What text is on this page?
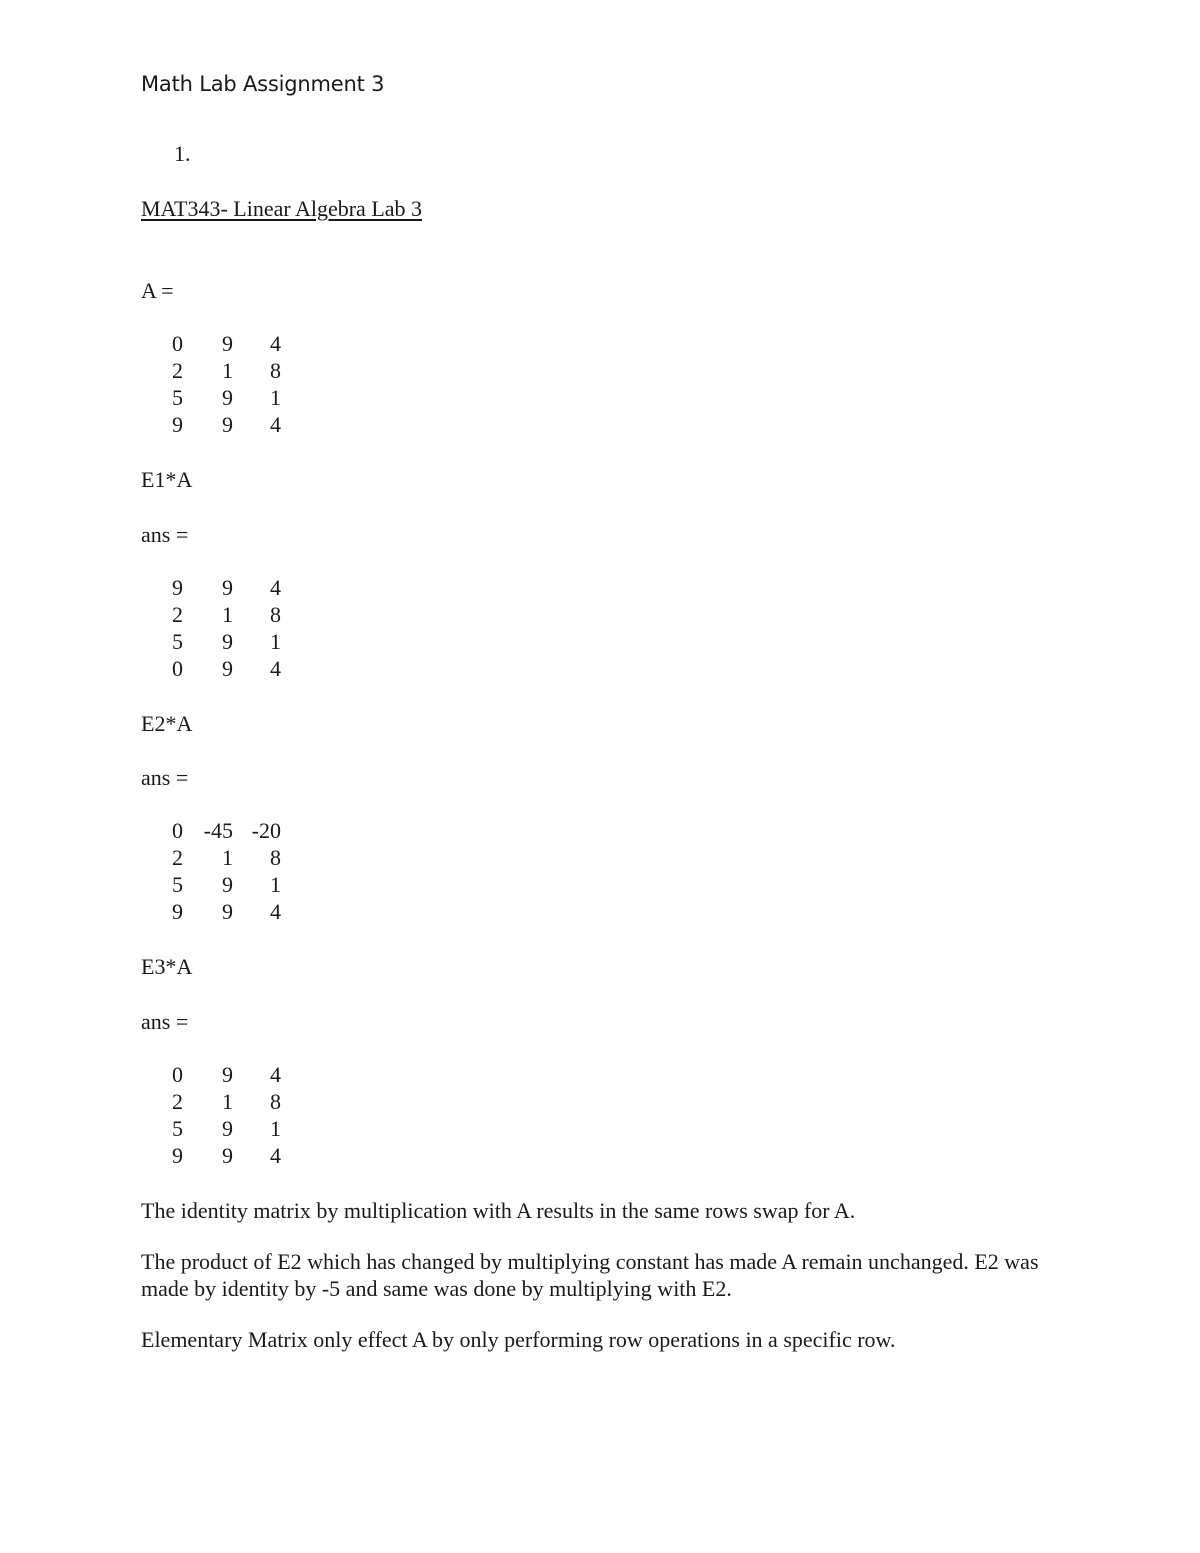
Math Lab Assignment 3
1.
MAT343- Linear Algebra Lab 3
A =
0	9	4
2	1	8
5	9	1
9	9	4
E1*A
ans =
9	9	4
2	1	8
5	9	1
0	9	4
E2*A
ans =
0 -45 -20
2	1	8
5	9	1
9	9	4
E3*A
ans =
0	9	4
2	1	8
5	9	1
9	9	4
The identity matrix by multiplication with A results in the same rows swap for A.
The product of E2 which has changed by multiplying constant has made A remain unchanged. E2 was made by identity by -5 and same was done by multiplying with E2.
Elementary Matrix only effect A by only performing row operations in a specific row.
